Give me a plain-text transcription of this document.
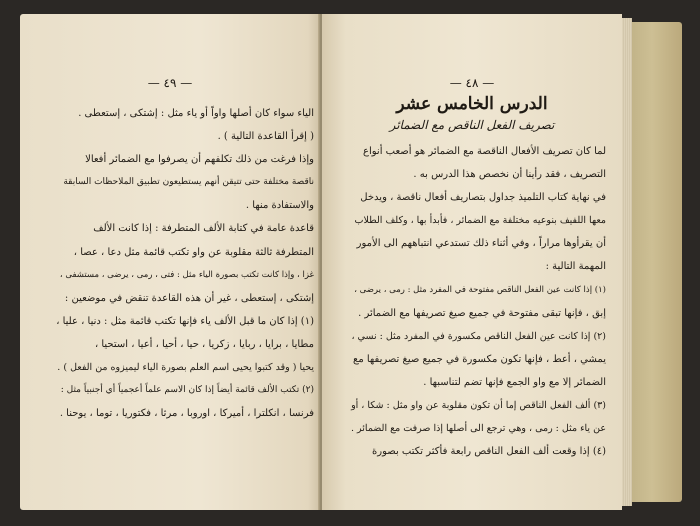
— ٤٩ —
الياء سواء كان أصلها واواً أو ياء مثل : إشتكى ، إستعطى .
( إقرأ القاعدة التالية ) .
وإذا فرغت من ذلك تكلفهم أن يصرفوا مع الضمائر أفعالا
ناقصة مختلفة حتى تتيقن أنهم يستطيعون تطبيق الملاحظات السابقة
والاستفادة منها .
قاعدة عامة في كتابة الألف المتطرفة : إذا كانت الألف
المتطرفة ثالثة مقلوبة عن واو تكتب قائمة مثل دعا ، عصا ،
غزا ، وإذا كانت تكتب بصورة الياء مثل : فتى ، رمى ، يرضى ، مستشفى ،
إشتكى ، إستعطى ، غير أن هذه القاعدة تنقض في موضعين :
(١) إذا كان ما قبل الألف ياء فإنها تكتب قائمة مثل : دنيا ، عليا ،
مطايا ، برايا ، ربايا ، زكريا ، حيا ، أحيا ، أعيا ، استحيا ،
يحيا ( وقد كتبوا يحيى اسم العلم بصورة الياء ليميزوه من الفعل ) .
(٢) تكتب الألف قائمة أيضاً إذا كان الاسم علماً أعجمياً أي أجنبياً مثل :
فرنسا ، انكلترا ، أميركا ، اوروبا ، مرثا ، فكتوريا ، توما ، يوحنا .
— ٤٨ —
الدرس الخامس عشر
تصريف الفعل الناقص مع الضمائر
لما كان تصريف الأفعال الناقصة مع الضمائر هو أصعب أنواع
التصريف ، فقد رأينا أن نخصص هذا الدرس به .
في نهاية كتاب التلميذ جداول بتصاريف أفعال ناقصة ، ويدخل
معها اللفيف بنوعيه مختلفة مع الضمائر ، فأبدأ بها ، وكلف الطلاب
أن يقرأوها مراراً ، وفي أثناء ذلك تستدعي انتباههم الى الأمور
المهمة التالية :
(١) إذا كانت عين الفعل الناقص مفتوحة في المفرد مثل : رمى ، يرضى ،
إبق ، فإنها تبقى مفتوحة في جميع صيغ تصريفها مع الضمائر .
(٢) إذا كانت عين الفعل الناقص مكسورة في المفرد مثل : نسي ،
يمشي ، أعط ، فإنها تكون مكسورة في جميع صيغ تصريفها مع
الضمائر إلا مع واو الجمع فإنها تضم لتناسبها .
(٣) ألف الفعل الناقص إما أن تكون مقلوبة عن واو مثل : شكا ، أو
عن ياء مثل : رمى ، وهي ترجع الى أصلها إذا صرفت مع الضمائر .
(٤) إذا وقعت ألف الفعل الناقص رابعة فأكثر تكتب بصورة
